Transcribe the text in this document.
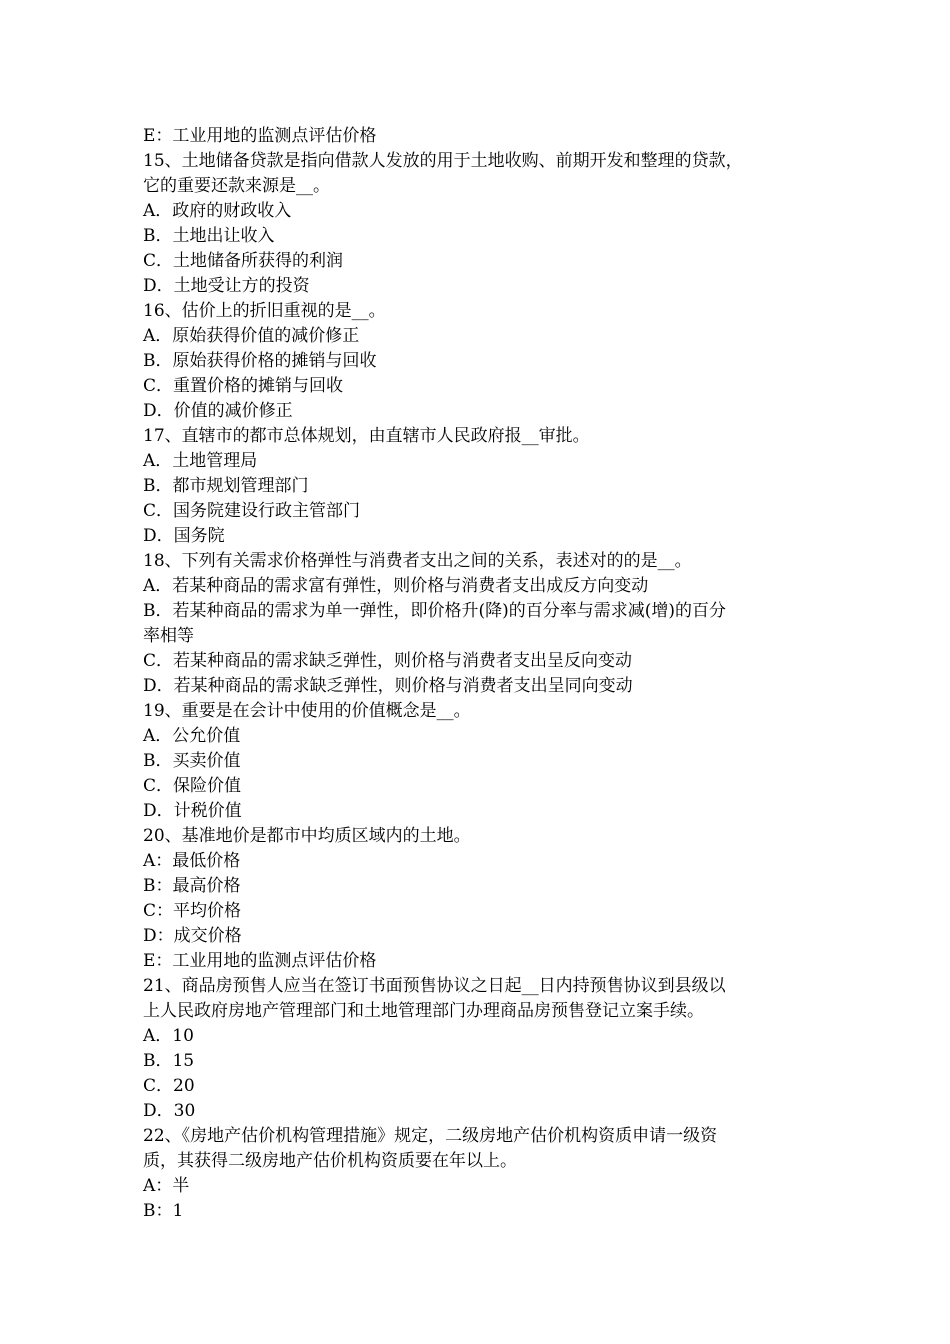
E：工业用地的监测点评估价格
15、土地储备贷款是指向借款人发放的用于土地收购、前期开发和整理的贷款，
它的重要还款来源是__。
A．政府的财政收入
B．土地出让收入
C．土地储备所获得的利润
D．土地受让方的投资
16、估价上的折旧重视的是__。
A．原始获得价值的减价修正
B．原始获得价格的摊销与回收
C．重置价格的摊销与回收
D．价值的减价修正
17、直辖市的都市总体规划，由直辖市人民政府报__审批。
A．土地管理局
B．都市规划管理部门
C．国务院建设行政主管部门
D．国务院
18、下列有关需求价格弹性与消费者支出之间的关系，表述对的的是__。
A．若某种商品的需求富有弹性，则价格与消费者支出成反方向变动
B．若某种商品的需求为单一弹性，即价格升(降)的百分率与需求减(增)的百分
率相等
C．若某种商品的需求缺乏弹性，则价格与消费者支出呈反向变动
D．若某种商品的需求缺乏弹性，则价格与消费者支出呈同向变动
19、重要是在会计中使用的价值概念是__。
A．公允价值
B．买卖价值
C．保险价值
D．计税价值
20、基准地价是都市中均质区域内的土地。
A：最低价格
B：最高价格
C：平均价格
D：成交价格
E：工业用地的监测点评估价格
21、商品房预售人应当在签订书面预售协议之日起__日内持预售协议到县级以
上人民政府房地产管理部门和土地管理部门办理商品房预售登记立案手续。
A．10
B．15
C．20
D．30
22、《房地产估价机构管理措施》规定，二级房地产估价机构资质申请一级资
质，其获得二级房地产估价机构资质要在年以上。
A：半
B：1
